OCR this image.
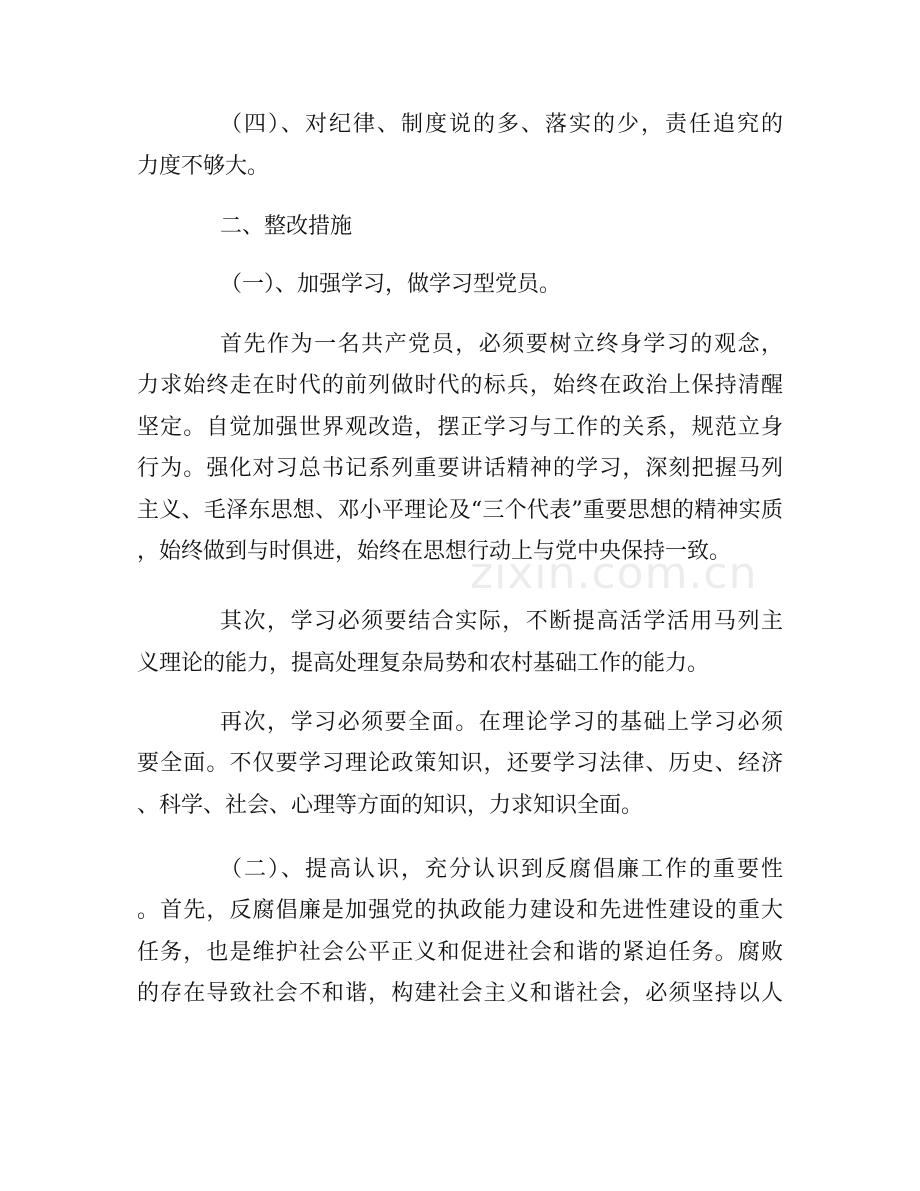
（四）、对纪律、制度说的多、落实的少，责任追究的
力度不够大。
二、整改措施
（一）、加强学习，做学习型党员。
首先作为一名共产党员，必须要树立终身学习的观念，
力求始终走在时代的前列做时代的标兵，始终在政治上保持清醒
坚定。自觉加强世界观改造，摆正学习与工作的关系，规范立身
行为。强化对习总书记系列重要讲话精神的学习，深刻把握马列
主义、毛泽东思想、邓小平理论及“三个代表”重要思想的精神实质
，始终做到与时俱进，始终在思想行动上与党中央保持一致。
其次，学习必须要结合实际，不断提高活学活用马列主
义理论的能力，提高处理复杂局势和农村基础工作的能力。
再次，学习必须要全面。在理论学习的基础上学习必须
要全面。不仅要学习理论政策知识，还要学习法律、历史、经济
、科学、社会、心理等方面的知识，力求知识全面。
（二）、提高认识，充分认识到反腐倡廉工作的重要性
。首先，反腐倡廉是加强党的执政能力建设和先进性建设的重大
任务，也是维护社会公平正义和促进社会和谐的紧迫任务。腐败
的存在导致社会不和谐，构建社会主义和谐社会，必须坚持以人
zixin.com.cn
